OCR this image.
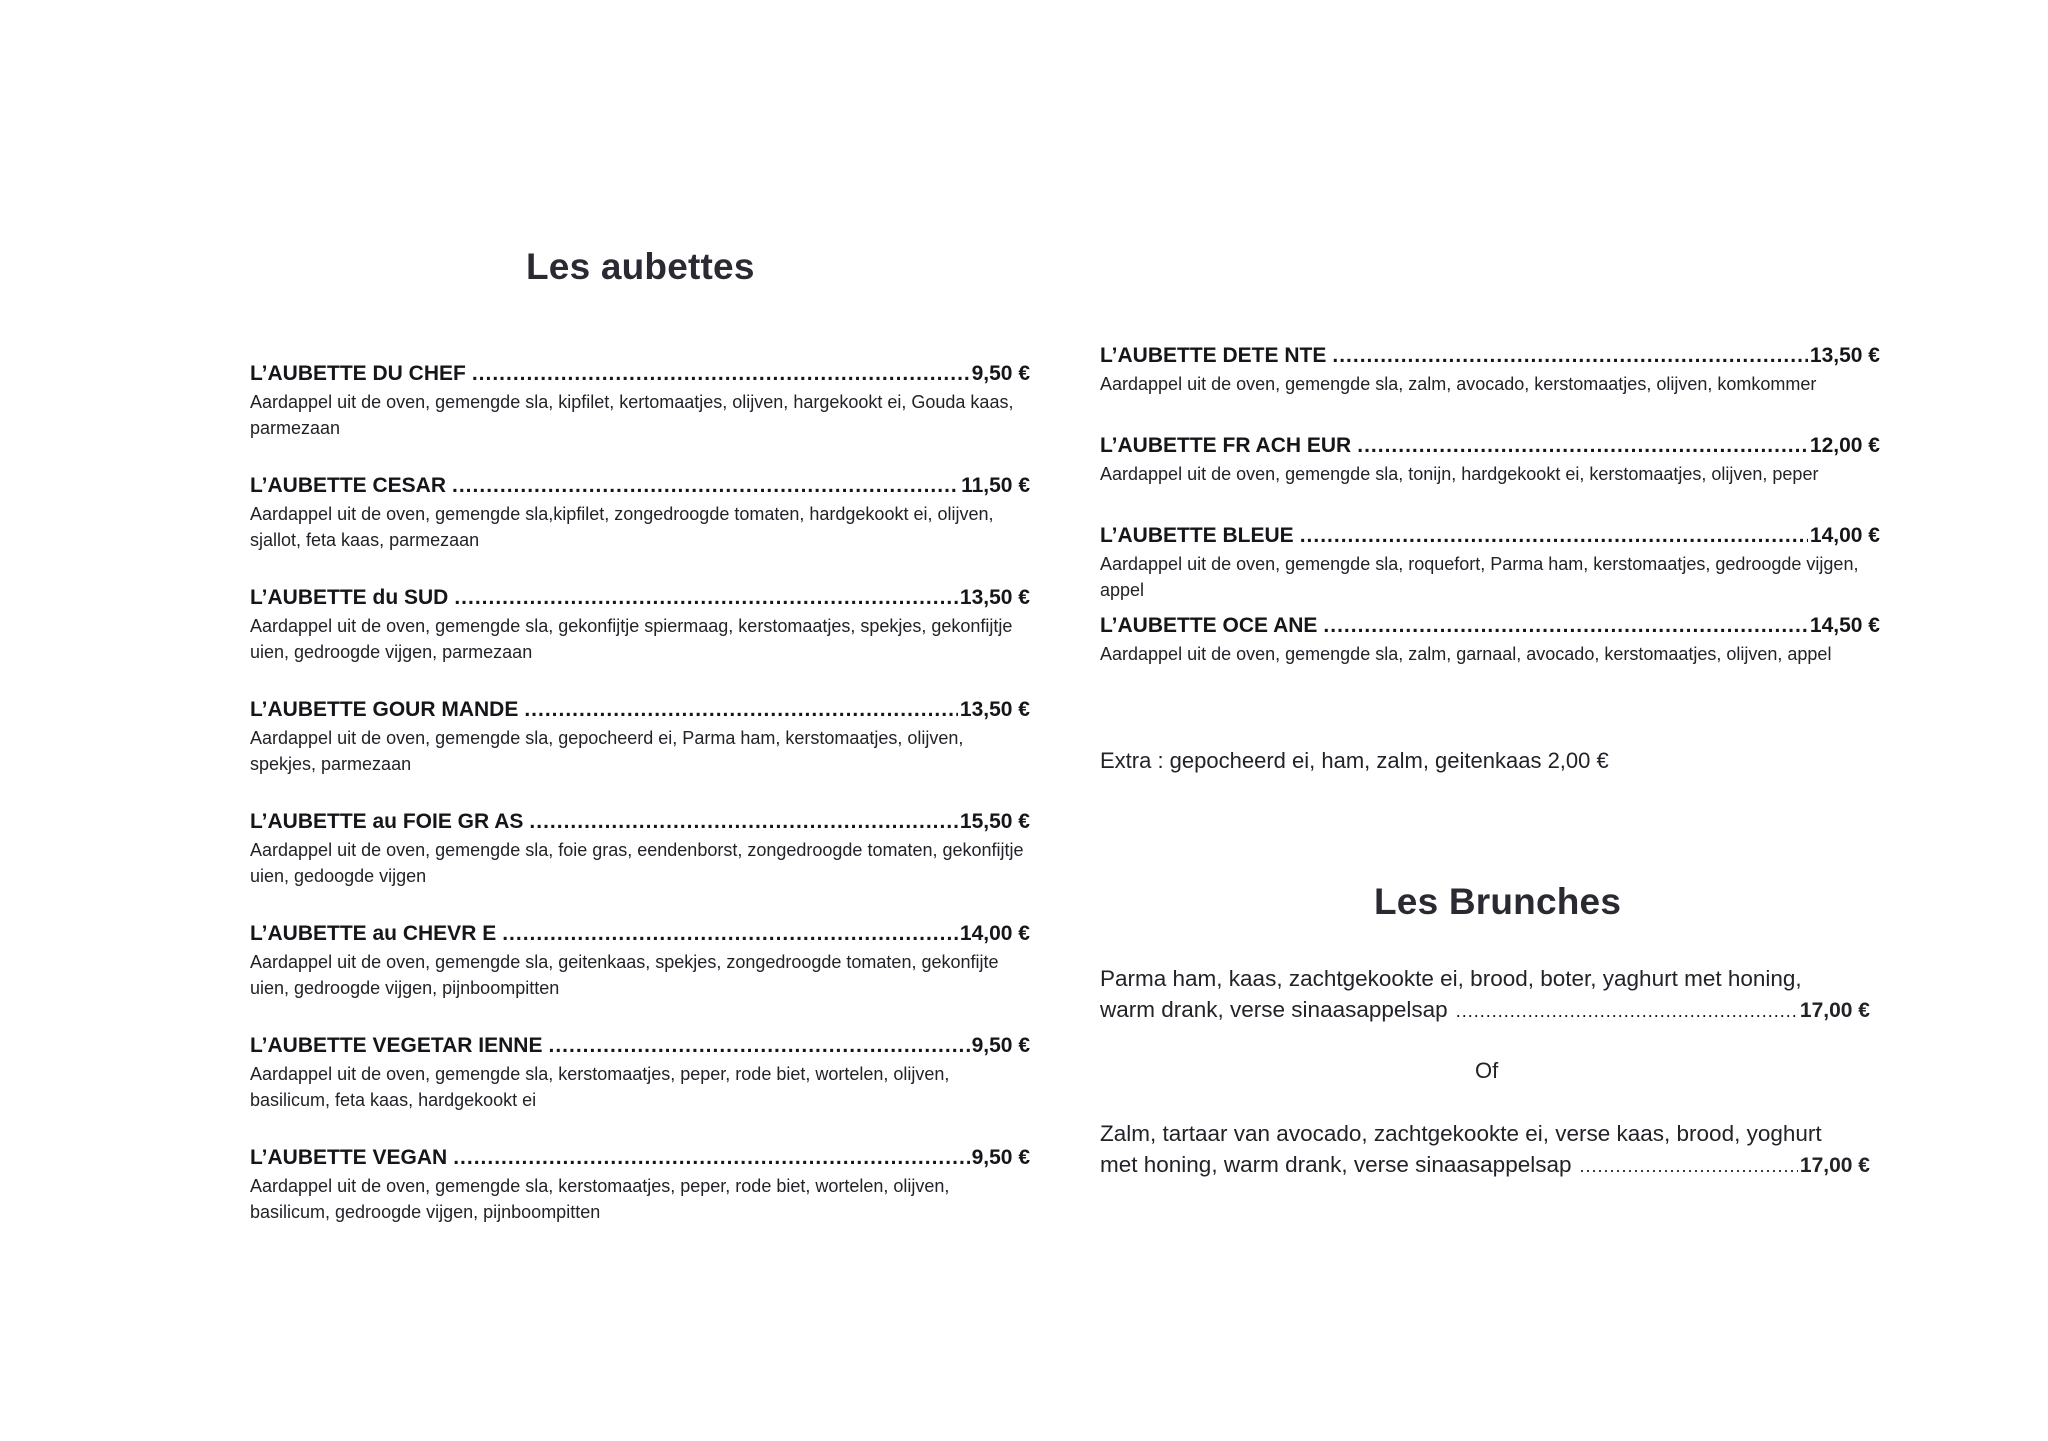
Les aubettes
L’AUBETTE DU CHEF .....	9,50 €
Aardappel uit de oven, gemengde sla, kipfilet, kertomaatjes, olijven, hargekookt ei, Gouda kaas, parmezaan
L’AUBETTE CESAR .....	11,50 €
Aardappel uit de oven, gemengde sla,kipfilet, zongedroogde tomaten, hardgekookt ei, olijven, sjallot, feta kaas, parmezaan
L’AUBETTE du SUD .....	13,50 €
Aardappel uit de oven, gemengde sla, gekonfijtje spiermaag, kerstomaatjes, spekjes, gekonfijtje uien, gedroogde vijgen, parmezaan
L’AUBETTE GOUR MANDE .....	13,50 €
Aardappel uit de oven, gemengde sla, gepocheerd ei, Parma ham, kerstomaatjes, olijven, spekjes, parmezaan
L’AUBETTE au FOIE GR AS .....	15,50 €
Aardappel uit de oven, gemengde sla, foie gras, eendenborst, zongedroogde tomaten, gekonfijtje uien, gedoogde vijgen
L’AUBETTE au CHEVR E .....	14,00 €
Aardappel uit de oven, gemengde sla, geitenkaas, spekjes, zongedroogde tomaten, gekonfijte uien, gedroogde vijgen, pijnboompitten
L’AUBETTE VEGETAR IENNE .....	9,50 €
Aardappel uit de oven, gemengde sla, kerstomaatjes, peper, rode biet, wortelen, olijven, basilicum, feta kaas, hardgekookt ei
L’AUBETTE VEGAN .....	9,50 €
Aardappel uit de oven, gemengde sla, kerstomaatjes, peper, rode biet, wortelen, olijven, basilicum, gedroogde vijgen, pijnboompitten
L’AUBETTE DETE NTE .....	13,50 €
Aardappel uit de oven, gemengde sla, zalm, avocado, kerstomaatjes, olijven, komkommer
L’AUBETTE FR ACH EUR .....	12,00 €
Aardappel uit de oven, gemengde sla, tonijn, hardgekookt ei, kerstomaatjes, olijven, peper
L’AUBETTE BLEUE .....	14,00 €
Aardappel uit de oven, gemengde sla, roquefort, Parma ham, kerstomaatjes, gedroogde vijgen, appel
L’AUBETTE OCE ANE .....	14,50 €
Aardappel uit de oven, gemengde sla, zalm, garnaal, avocado, kerstomaatjes, olijven, appel
Extra : gepocheerd ei, ham, zalm, geitenkaas 2,00 €
Les Brunches
Parma ham, kaas, zachtgekookte ei, brood, boter, yaghurt met honing,
warm drank, verse sinaasappelsap .....	17,00 €
Of
Zalm, tartaar van avocado, zachtgekookte ei, verse kaas, brood, yoghurt
met honing, warm drank, verse sinaasappelsap .....	17,00 €
